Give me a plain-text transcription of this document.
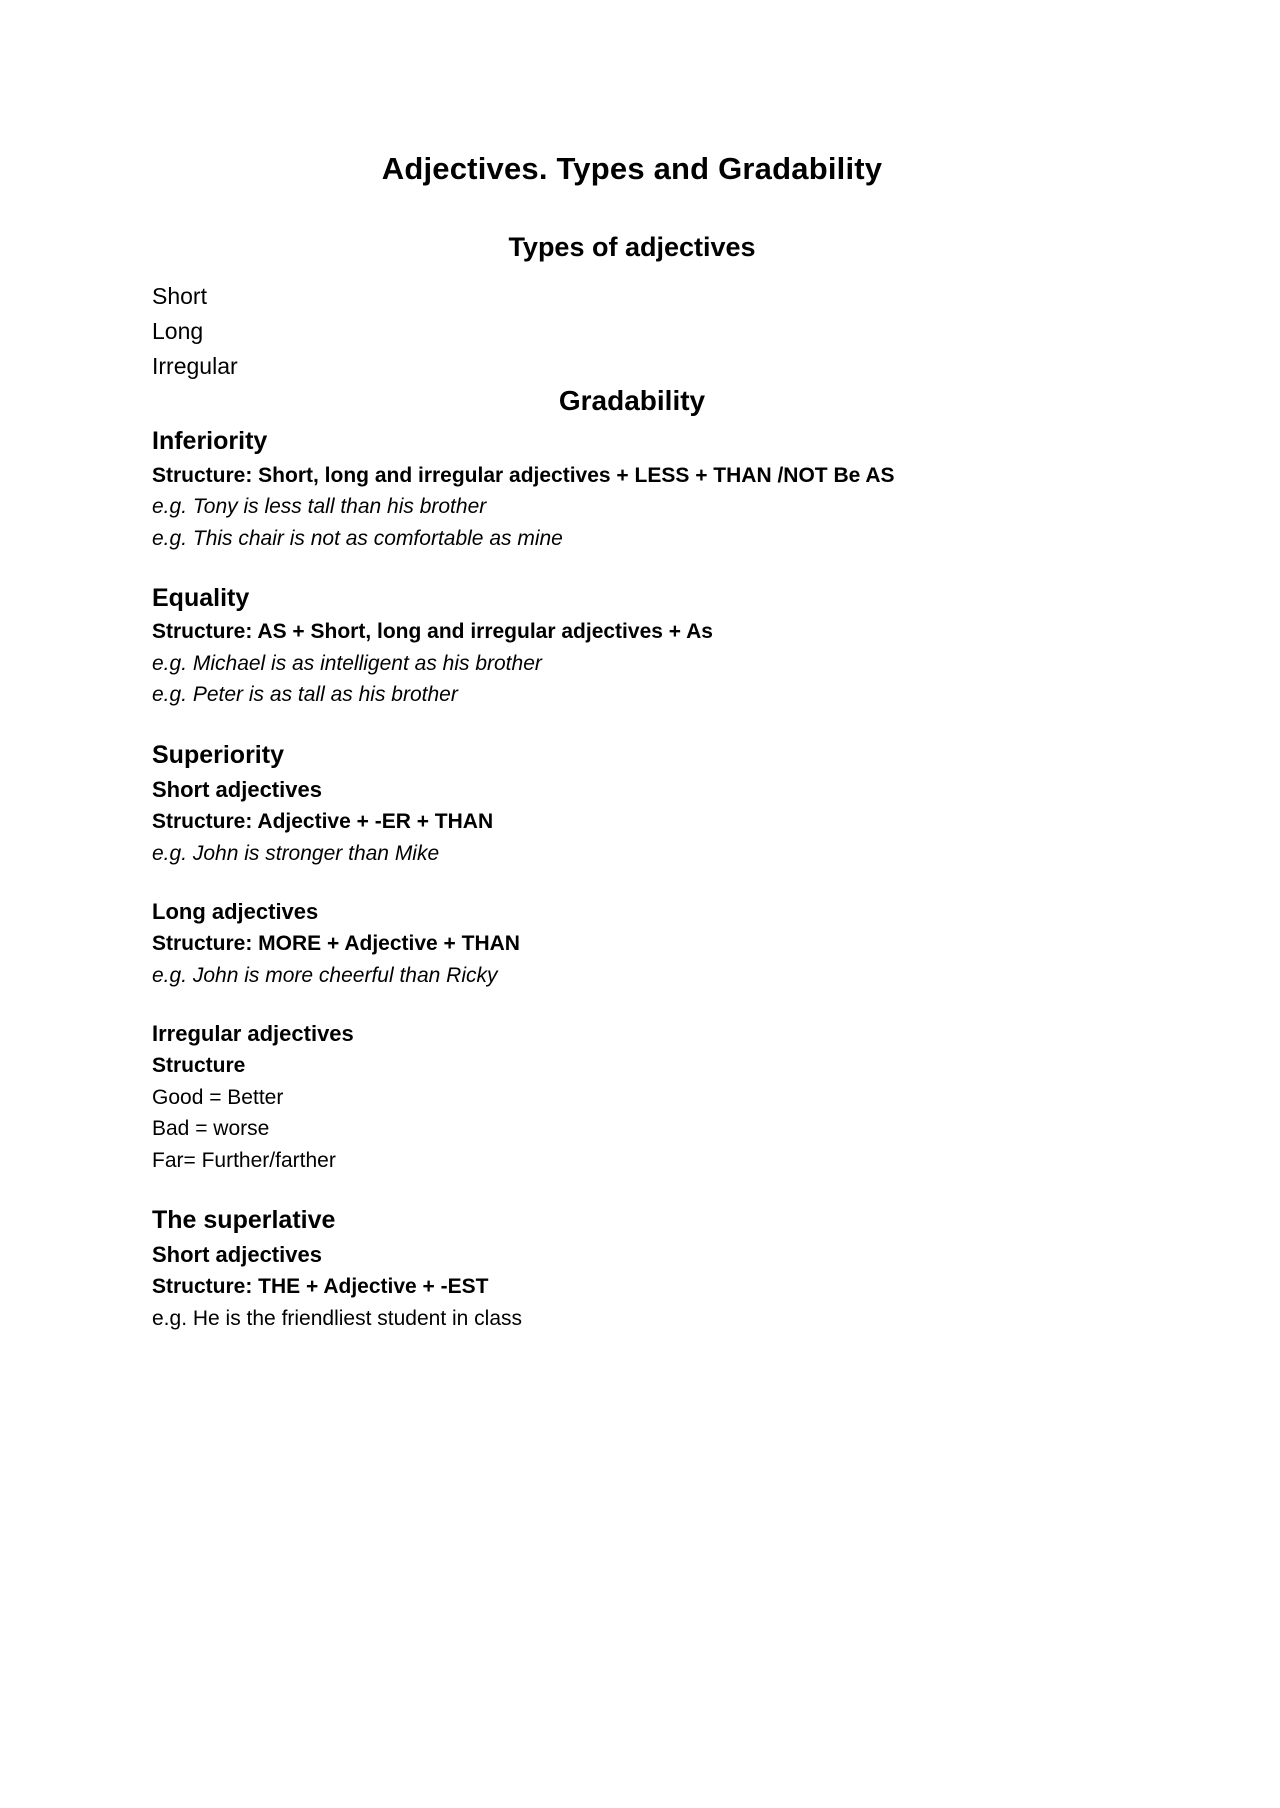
Adjectives. Types and Gradability
Types of adjectives

Short

Long

Irregular

Gradability
Inferiority

Structure: Short, long and irregular adjectives + LESS + THAN /NOT Be AS

e.g. Tony is less tall than his brother

e.g. This chair is not as comfortable as mine

Equality

Structure: AS + Short, long and irregular adjectives + As

e.g. Michael is as intelligent as his brother

e.g. Peter is as tall as his brother

Superiority
Short adjectives

Structure: Adjective + -ER + THAN

e.g. John is stronger than Mike

Long adjectives

Structure: MORE + Adjective + THAN

e.g. John is more cheerful than Ricky

Irregular adjectives

Structure

Good = Better

Bad = worse

Far= Further/farther

The superlative
Short adjectives

Structure: THE + Adjective + -EST

e.g. He is the friendliest student in class
